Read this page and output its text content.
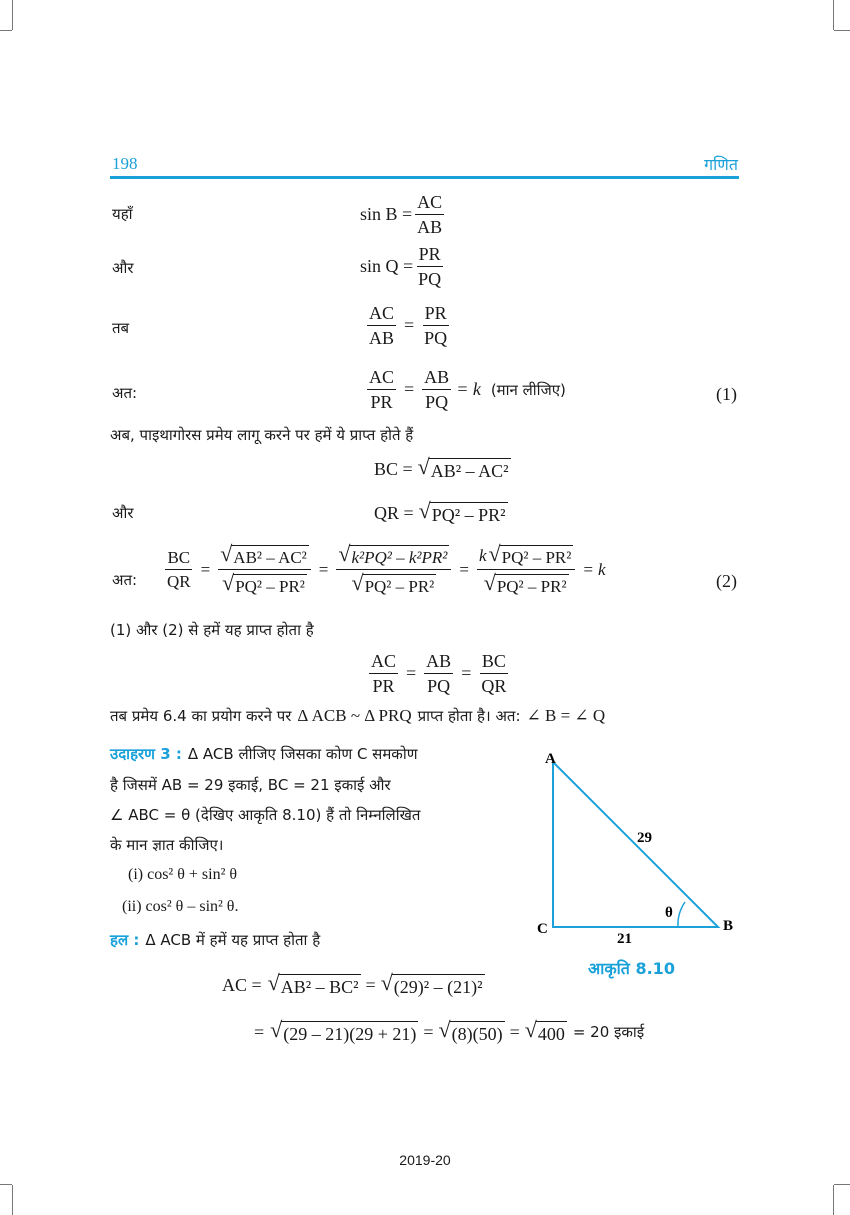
198	गणित
यहाँ	$\sin B = \frac{AC}{AB}$
और	$\sin Q = \frac{PR}{PQ}$
तब	$\frac{AC}{AB} = \frac{PR}{PQ}$
अत:	$\frac{AC}{PR} = \frac{AB}{PQ} = k$ (मान लीजिए)	(1)
अब, पाइथागोरस प्रमेय लागू करने पर हमें ये प्राप्त होते हैं
BC = √ AB² – AC²
और	QR = √ PQ² – PR²
अत: $\frac{BC}{QR} = \frac{\text{√ AB² – AC²}}{\text{√ PQ² – PR²}} = \frac{\text{√ k²PQ² – k²PR²}}{\text{√ PQ² – PR²}} = \frac{\text{k √ PQ² – PR²}}{\text{√ PQ² – PR²}} = k$
(2)
(1) और (2) से हमें यह प्राप्त होता है
$\frac{AC}{PR} = \frac{AB}{PQ} = \frac{BC}{QR}$
तब प्रमेय 6.4 का प्रयोग करने पर Δ ACB ~ Δ PRQ प्राप्त होता है। अत: ∠ B = ∠ Q
उदाहरण 3 : Δ ACB लीजिए जिसका कोण C समकोण
है जिसमें AB = 29 इकाई, BC = 21 इकाई और
∠ ABC = θ (देखिए आकृति 8.10) हैं तो निम्नलिखित
के मान ज्ञात कीजिए।
(i) cos² θ + sin² θ
(ii) cos² θ – sin² θ.
हल : Δ ACB में हमें यह प्राप्त होता है
AC = √ AB² – BC² = √ (29)² – (21)²
= √ (29 – 21)(29 + 21) = √ (8)(50) = √ 400 = 20 इकाई
A
C	B
29
21
θ
आकृति 8.10
2019-20
